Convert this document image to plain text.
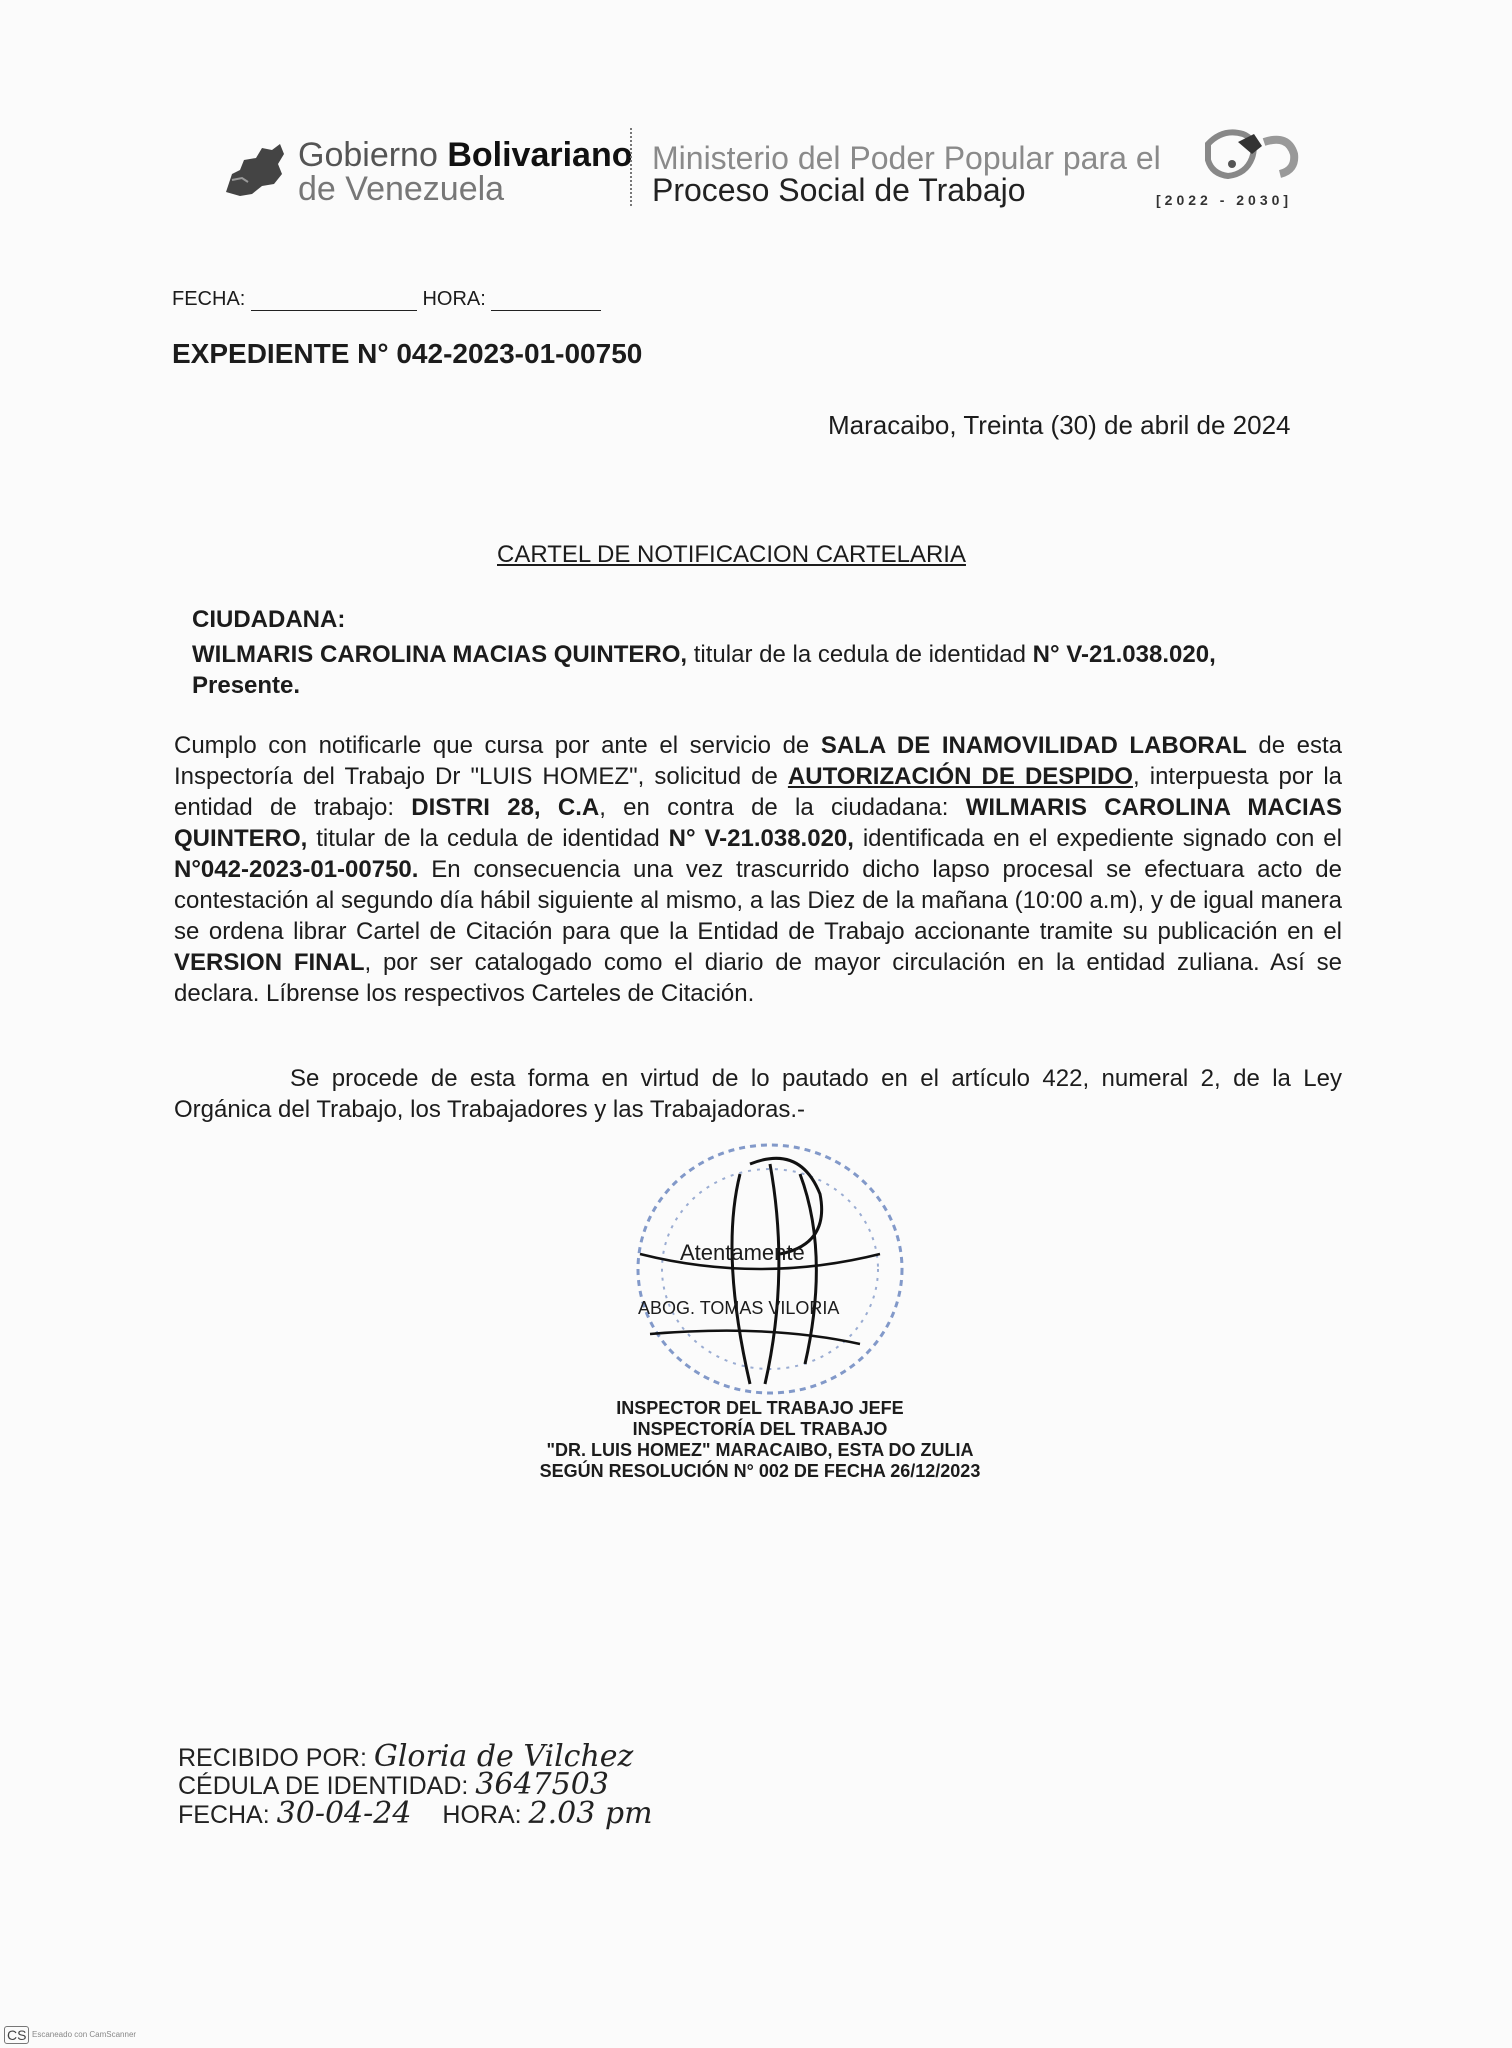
Gobierno Bolivariano
de Venezuela
Ministerio del Poder Popular para el
Proceso Social de Trabajo	[2022 - 2030]
FECHA:	HORA:
EXPEDIENTE N° 042-2023-01-00750
Maracaibo, Treinta (30) de abril de 2024
CARTEL DE NOTIFICACION CARTELARIA
CIUDADANA:
WILMARIS CAROLINA MACIAS QUINTERO, titular de la cedula de identidad N° V-21.038.020,
Presente.
Cumplo con notificarle que cursa por ante el servicio de SALA DE INAMOVILIDAD LABORAL de esta Inspectoría del Trabajo Dr "LUIS HOMEZ", solicitud de AUTORIZACIÓN DE DESPIDO, interpuesta por la entidad de trabajo: DISTRI 28, C.A, en contra de la ciudadana: WILMARIS CAROLINA MACIAS QUINTERO, titular de la cedula de identidad N° V-21.038.020, identificada en el expediente signado con el N°042-2023-01-00750. En consecuencia una vez trascurrido dicho lapso procesal se efectuara acto de contestación al segundo día hábil siguiente al mismo, a las Diez de la mañana (10:00 a.m), y de igual manera se ordena librar Cartel de Citación para que la Entidad de Trabajo accionante tramite su publicación en el VERSION FINAL, por ser catalogado como el diario de mayor circulación en la entidad zuliana. Así se declara. Líbrense los respectivos Carteles de Citación.
Se procede de esta forma en virtud de lo pautado en el artículo 422, numeral 2, de la Ley Orgánica del Trabajo, los Trabajadores y las Trabajadoras.-
Atentamente
ABOG. TOMAS VILORIA
INSPECTOR DEL TRABAJO JEFE
INSPECTORÍA DEL TRABAJO
"DR. LUIS HOMEZ" MARACAIBO, ESTA DO ZULIA
SEGÚN RESOLUCIÓN N° 002 DE FECHA 26/12/2023
RECIBIDO POR: Gloria de Vilchez
CÉDULA DE IDENTIDAD: 3647503
FECHA: 30-04-24 HORA: 2.03 pm
CS Escaneado con CamScanner
